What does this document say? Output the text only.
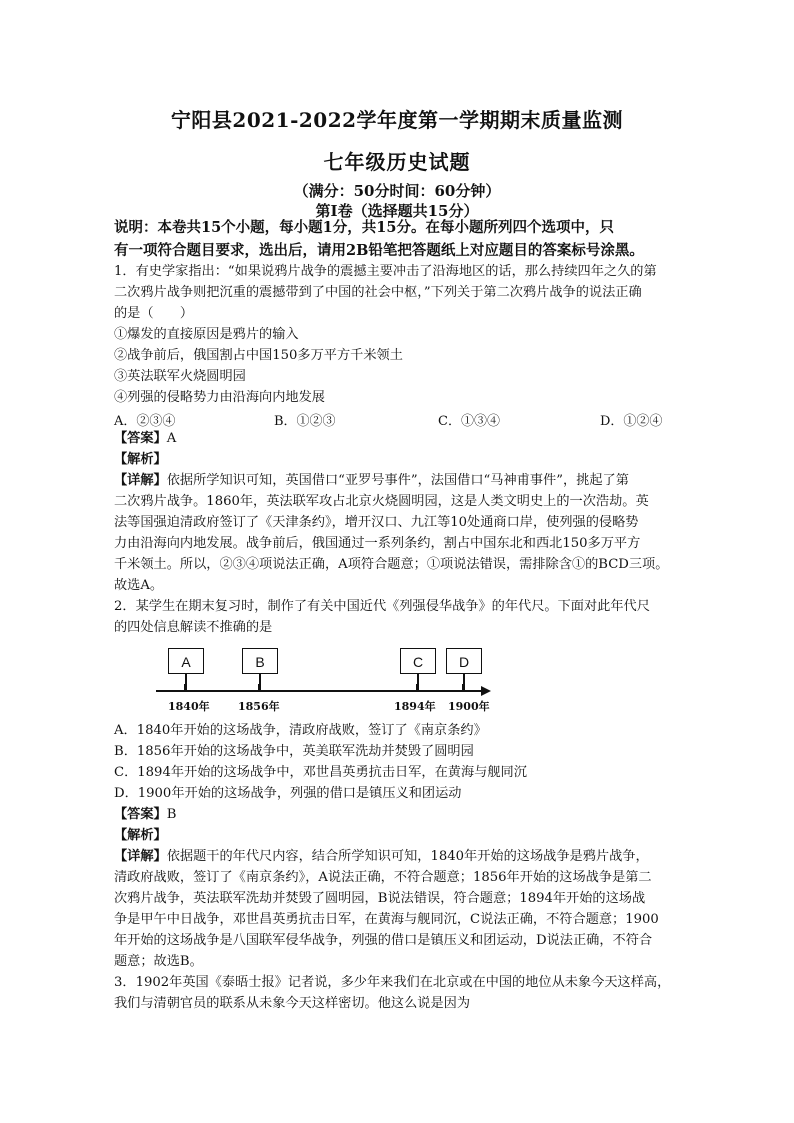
宁阳县2021-2022学年度第一学期期末质量监测
七年级历史试题
（满分：50分时间：60分钟）
第Ⅰ卷（选择题共15分）
说明：本卷共15个小题，每小题1分，共15分。在每小题所列四个选项中，只
有一项符合题目要求，选出后，请用2B铅笔把答题纸上对应题目的答案标号涂黑。
1．有史学家指出：“如果说鸦片战争的震撼主要冲击了沿海地区的话，那么持续四年之久的第
二次鸦片战争则把沉重的震撼带到了中国的社会中枢，”下列关于第二次鸦片战争的说法正确
的是（　　）
①爆发的直接原因是鸦片的输入
②战争前后，俄国割占中国150多万平方千米领土
③英法联军火烧圆明园
④列强的侵略势力由沿海向内地发展
A．②③④	B．①②③	C．①③④	D．①②④
【答案】A
【解析】
【详解】依据所学知识可知，英国借口“亚罗号事件”，法国借口“马神甫事件”，挑起了第
二次鸦片战争。1860年，英法联军攻占北京火烧圆明园，这是人类文明史上的一次浩劫。英
法等国强迫清政府签订了《天津条约》，增开汉口、九江等10处通商口岸，使列强的侵略势
力由沿海向内地发展。战争前后，俄国通过一系列条约，割占中国东北和西北150多万平方
千米领土。所以，②③④项说法正确，A项符合题意；①项说法错误，需排除含①的BCD三项。
故选A。
2．某学生在期末复习时，制作了有关中国近代《列强侵华战争》的年代尺。下面对此年代尺
的四处信息解读不推确的是
A．1840年开始的这场战争，清政府战败，签订了《南京条约》
B．1856年开始的这场战争中，英美联军洗劫并焚毁了圆明园
C．1894年开始的这场战争中，邓世昌英勇抗击日军，在黄海与舰同沉
D．1900年开始的这场战争，列强的借口是镇压义和团运动
【答案】B
【解析】
【详解】依据题干的年代尺内容，结合所学知识可知，1840年开始的这场战争是鸦片战争，
清政府战败，签订了《南京条约》，A说法正确，不符合题意；1856年开始的这场战争是第二
次鸦片战争，英法联军洗劫并焚毁了圆明园，B说法错误，符合题意；1894年开始的这场战
争是甲午中日战争，邓世昌英勇抗击日军，在黄海与舰同沉，C说法正确，不符合题意；1900
年开始的这场战争是八国联军侵华战争，列强的借口是镇压义和团运动，D说法正确，不符合
题意；故选B。
3．1902年英国《泰晤士报》记者说，多少年来我们在北京或在中国的地位从未象今天这样高，
我们与清朝官员的联系从未象今天这样密切。他这么说是因为
A	B	C	D
1840年	1856年	1894年 1900年
